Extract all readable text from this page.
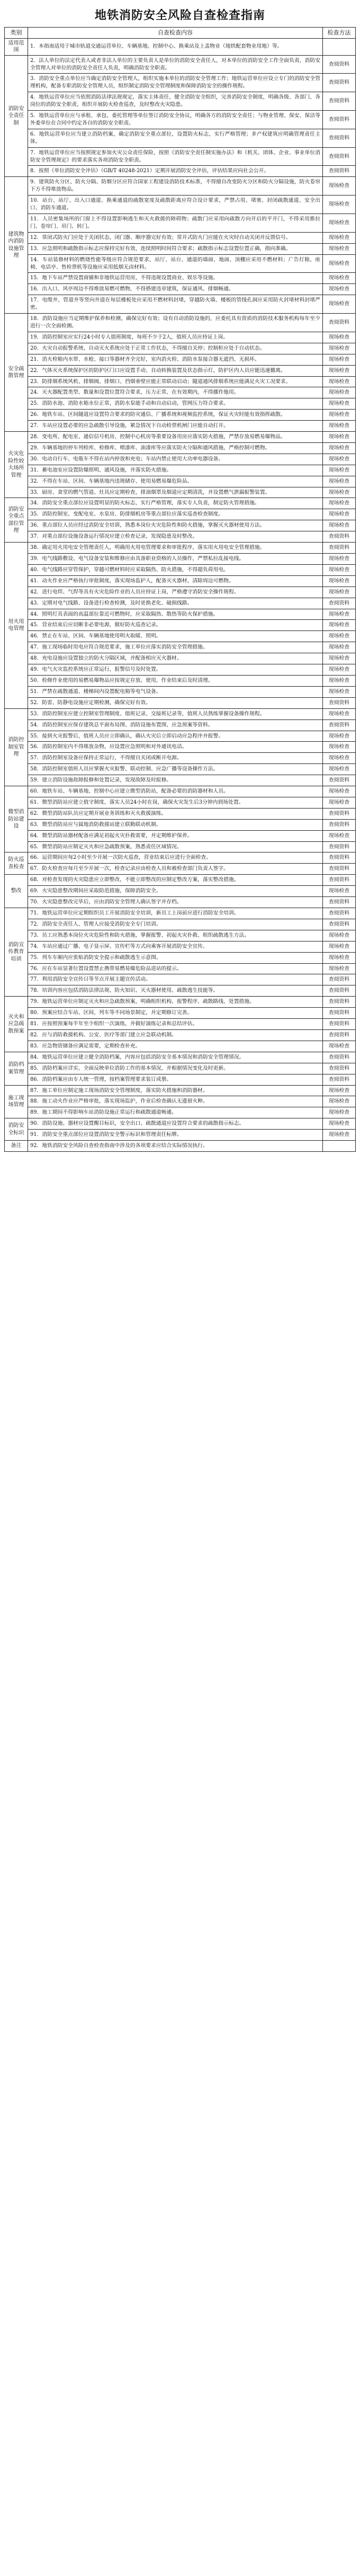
地铁消防安全风险自查检查指南
类别	自查检查内容	检查方法
适用范围	1．本指南适用于城市轨道交通运营单位、车辆基地、控制中心、换乘站及上盖物业（地铁配套物业用地）等。	
消防安全责任制	2．法人单位的法定代表人或者非法人单位的主要负责人是单位的消防安全责任人，对本单位的消防安全工作全面负责，消防安全管理人对单位的消防安全责任人负责，明确消防安全职责。	查阅资料
	3．消防安全重点单位应当确定消防安全管理人，组织实施本单位的消防安全管理工作；地铁运营单位应设立专门的消防安全管理机构，配备专职消防安全管理人员，组织制定消防安全管理制度和保障消防安全的操作规程。	查阅资料
	4．地铁运营单位应当依照消防法律法规规定，落实主体责任，健全消防安全组织，完善消防安全制度，明确各级、各部门、各岗位的消防安全职责，组织开展防火检查巡查，及时整改火灾隐患。	查阅资料
	5．地铁运营单位应与承租、承包、委托管理等单位签订消防安全协议，明确各方的消防安全责任；与物业管理、保安、保洁等外委单位在合同中约定各自的消防安全职责。	查阅资料
	6．地铁运营单位应当建立消防档案，确定消防安全重点部位，设置防火标志，实行严格管理；多产权建筑应明确管理责任主体。	查阅资料
	7．地铁运营单位应当按照规定参加火灾公众责任保险，按照《消防安全责任制实施办法》和《机关、团体、企业、事业单位消防安全管理规定》的要求落实各项消防安全职责。	查阅资料
	8．按照《单位消防安全评估》（GB/T 40248-2021）定期开展消防安全评估，评估结果应向社会公开。	查阅资料
建筑物内消防设施管理	9．建筑防火分区、防火分隔、防烟分区应符合国家工程建设消防技术标准，不得擅自改变防火分区和防火分隔设施，防火卷帘下方不得堆放物品。	现场检查
	10．站台、站厅、出入口通道、换乘通道的疏散宽度及疏散距离应符合设计要求，严禁占用、堵塞、封闭疏散通道、安全出口、消防车通道。	现场检查
	11．人员密集场所的门窗上不得设置影响逃生和灭火救援的障碍物；疏散门应采用向疏散方向开启的平开门，不得采用推拉门、卷帘门、吊门、转门。	现场检查
	12．常闭式防火门应处于关闭状态，闭门器、顺序器完好有效；常开式防火门应能在火灾时自动关闭并反馈信号。	现场检查
	13．应急照明和疏散指示标志应保持完好有效，连续照明时间符合要求；疏散指示标志设置位置正确，指向准确。	现场检查
	14．车站装修材料的燃烧性能等级应符合规范要求，站厅、站台、通道的墙面、地面、顶棚应采用不燃材料；广告灯箱、座椅、电话亭、售检票机等设施应采用低烟无卤材料。	现场检查
	15．地下车站严禁设置商铺和非地铁运营用房，不得违规设置商业、娱乐等设施。	现场检查
	16．出入口、风亭周边不得堆放易燃可燃物，不得搭建违章建筑，保证通风、排烟畅通。	现场检查
	17．电缆井、管道井等竖向井道在每层楼板处应采用不燃材料封堵，穿越防火墙、楼板的管线孔洞应采用防火封堵材料封堵严密。	现场检查
安全疏散管理	18．消防设施应当定期维护保养和检测，确保完好有效；设有自动消防设施的，应委托具有资质的消防技术服务机构每年至少进行一次全面检测。	查阅资料
	19．消防控制室应实行24小时专人值班制度，每班不少于2人，值班人员应持证上岗。	现场检查
	20．火灾自动报警系统、自动灭火系统应处于正常工作状态，不得擅自关停；控制柜应处于自动状态。	现场检查
	21．消火栓箱内水带、水枪、接口等器材齐全完好，室内消火栓、消防水泵接合器无遮挡、无损坏。	现场检查
	22．气体灭火系统保护区的防护区门口应设置手动、自动转换装置及状态指示灯，防护区内人员应能迅速撤离。	现场检查
	23．防排烟系统风机、排烟阀、排烟口、挡烟垂壁应能正常联动启动；隧道通风排烟系统应能满足火灾工况要求。	现场检查
	24．灭火器配置类型、数量和设置位置符合要求，压力正常、在有效期内，不得挪作他用。	现场检查
	25．消防水池、消防水箱水位正常，消防水泵能手动和自动启动，管网压力符合要求。	现场检查
	26．地铁车站、区间隧道应设置符合要求的防灾通信、广播系统和视频监控系统，保证火灾时能有效指挥疏散。	现场检查
	27．车站应设置必要的应急疏散引导设施，紧急情况下自动检票机闸门应能自动打开。	现场检查
火灾危险性较大场所管理	28．变电所、配电室、通信信号机房、控制中心机房等重要设备用房应落实防火措施，严禁存放易燃易爆物品。	现场检查
	29．车辆基地的停车列检库、检修库、喷漆库、油漆库等应落实防火分隔和通风措施，严格控制可燃物。	现场检查
	30．电动自行车、电瓶车不得在站内停放和充电；车站内禁止使用大功率电器设备。	现场检查
	31．蓄电池室应设置防爆照明、通风设施，并落实防火措施。	现场检查
	32．不得在车站、区间、车辆基地内违规储存、使用易燃易爆危险品。	现场检查
	33．厨房、食堂的燃气管道、灶具应定期检查，排油烟罩及烟道应定期清洗，并设置燃气泄漏报警装置。	现场检查
消防安全重点部位管理	34．消防安全重点部位应设置明显的防火标志，实行严格管理，落实专人负责，制定防火管理措施。	现场检查
	35．消防控制室、变配电室、水泵房、防排烟机房等重点部位应落实巡查检查制度。	现场检查
	36．重点部位人员应经过消防安全培训，熟悉本岗位火灾危险性和防火措施，掌握灭火器材使用方法。	现场检查
	37．对重点部位设施设备运行情况应建立检查记录，发现隐患及时整改。	查阅资料
用火用电管理	38．确定用火用电安全管理责任人，明确用火用电管理要求和审批程序，落实用火用电安全管理措施。	查阅资料
	39．电气线路敷设、电气设备安装和维修应由具备职业资格的人员操作，严禁私拉乱接电线。	现场检查
	40．电气线路应穿管保护，穿越可燃材料时应采取隔热、防火措施，不得超负荷用电。	现场检查
	41．动火作业应严格执行审批制度，落实现场监护人，配备灭火器材，清除周边可燃物。	现场检查
	42．进行电焊、气焊等具有火灾危险作业的人员应持证上岗，严格遵守消防安全操作规程。	现场检查
	43．定期对电气线路、设备进行检查检测，及时更换老化、破损线路。	查阅资料
	44．照明灯具表面的高温部位靠近可燃物时，应采取隔热、散热等防火保护措施。	现场检查
	45．营业结束后应切断非必要电源，做好防火巡查记录。	现场检查
	46．禁止在车站、区间、车辆基地使用明火取暖、照明。	现场检查
	47．施工现场临时用电应符合规范要求，施工单位应落实消防安全管理措施。	现场检查
	48．充电设施应设置独立的防火分隔区域，并配备相应灭火器材。	现场检查
	49．电气火灾监控系统应正常运行，报警信号及时处置。	现场检查
	50．检修作业使用的易燃易爆物品应按规定存放、使用，作业结束后及时清理。	现场检查
	51．严禁在疏散通道、楼梯间内设置配电箱等电气设备。	现场检查
	52．防雷、防静电设施应定期检测，确保完好有效。	查阅资料
消防控制室管理	53．消防控制室应建立控制室管理制度、值班记录、交接班记录等，值班人员熟练掌握设备操作规程。	现场检查
	54．消防控制室应保存建筑总平面布局图、消防设施布置图、应急预案等资料。	查阅资料
	55．接到火灾报警后，值班人员应立即确认，确认火灾后立即启动应急程序并报警。	现场检查
	56．消防控制室内不得堆放杂物，应设置应急照明和对外通讯电话。	现场检查
	57．消防控制室设备应保持正常运行，不得擅自关闭或断开电源。	现场检查
	58．消防控制室值班人员应掌握火灾报警、联动控制、应急广播等设备操作方法。	现场检查
	59．建立消防设施故障报修和处置记录，发现故障及时报修。	查阅资料
微型消防站建设	60．地铁车站、车辆基地、控制中心应建立微型消防站，配备必要的消防器材和人员。	现场检查
	61．微型消防站应建立值守制度，落实人员24小时在岗，确保火灾发生后3分钟内到场处置。	现场检查
	62．微型消防站队员应定期开展业务训练和灭火救援演练。	查阅资料
	63．微型消防站应与属地消防救援站建立联勤联动机制。	查阅资料
	64．微型消防站器材配备应满足初起火灾扑救需要，并定期维护保养。	现场检查
	65．微型消防站应制定灭火和应急疏散预案，熟悉责任区域情况。	查阅资料
防火巡查检查	66．运营期间应每2小时至少开展一次防火巡查，营业结束后应进行全面检查。	查阅资料
	67．防火检查应每月至少开展一次，检查记录应由检查人员和被检查部门负责人签字。	查阅资料
整改	68．对检查发现的火灾隐患应立即整改，不能立即整改的应制定整改方案，落实整改措施。	查阅资料
	69．火灾隐患整改期间应采取防范措施，保障消防安全。	现场检查
	70．火灾隐患整改完毕后，应由消防安全管理人确认签字并存档。	查阅资料
消防宣传教育培训	71．地铁运营单位应定期组织员工开展消防安全培训，新员工上岗前应进行消防安全培训。	查阅资料
	72．消防安全责任人、管理人应接受消防安全专门培训。	查阅资料
	73．员工应熟悉本岗位火灾危险性和防火措施，掌握报警、初起火灾扑救、组织疏散逃生方法。	现场检查
	74．车站应通过广播、电子显示屏、宣传栏等方式向乘客开展消防安全宣传。	现场检查
	75．列车车厢内应张贴消防安全提示和疏散逃生示意图。	现场检查
	76．应在车站显著位置设置禁止携带易燃易爆危险品进站的提示。	现场检查
	77．利用消防安全宣传日等节点开展主题宣传活动。	查阅资料
	78．培训内容应包括消防法律法规、防火知识、灭火器材使用、疏散逃生技能等。	查阅资料
灭火和应急疏散预案	79．地铁运营单位应制定灭火和应急疏散预案，明确组织机构、报警程序、疏散路线、处置措施。	查阅资料
	80．预案应结合车站、区间、列车等不同场景制定，并定期修订完善。	查阅资料
	81．应按照预案每半年至少组织一次演练，并做好演练记录和总结评估。	查阅资料
	82．应与消防救援机构、公安、医疗等部门建立应急联动机制。	查阅资料
	83．应急物资储备应满足需要，定期检查补充。	现场检查
消防档案管理	84．地铁运营单位应建立健全消防档案，内容应包括消防安全基本情况和消防安全管理情况。	查阅资料
	85．消防档案应详实、全面反映单位消防工作的基本情况，并根据情况变化及时更新。	查阅资料
	86．消防档案应由专人统一管理，按档案管理要求装订成册。	查阅资料
施工现场管理	87．施工单位应制定施工现场消防安全管理制度，落实防火措施和消防器材。	现场检查
	88．施工动火作业应严格审批，落实现场监护，作业后检查确认无遗留火种。	现场检查
	89．施工期间不得影响车站消防设施正常运行和疏散通道畅通。	现场检查
消防安全标识	90．消防设施、器材应设置醒目标识，安全出口、疏散通道应设置符合要求的疏散指示标志。	现场检查
	91．消防安全重点部位应设置消防安全警示标识和管理责任标牌。	现场检查
备注	92．地铁消防安全风险自查检查指南中涉及的各项要求应结合实际情况执行。	
